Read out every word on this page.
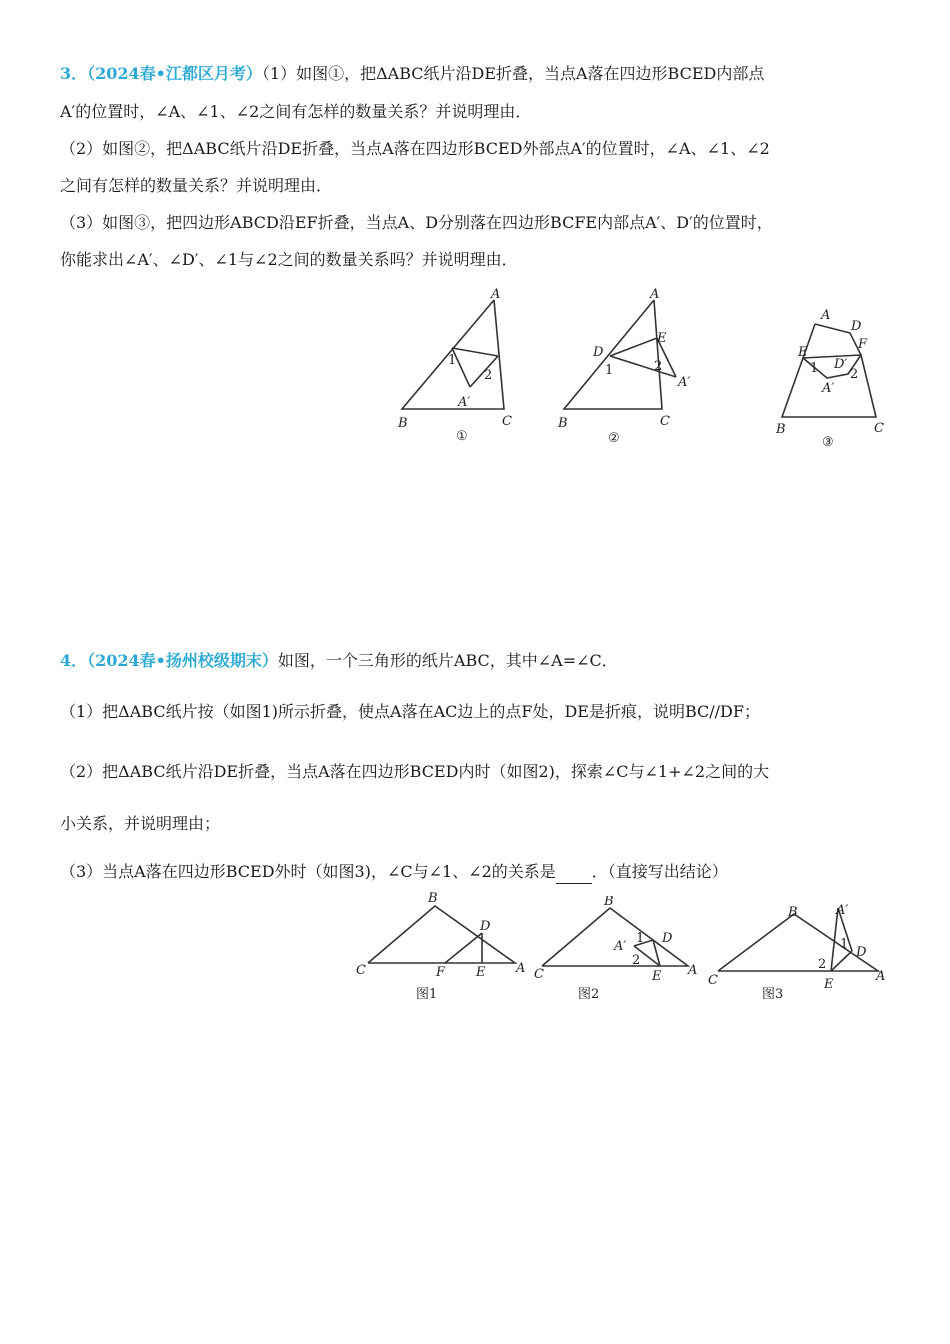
3．（2024春•江都区月考）（1）如图①，把ΔABC纸片沿DE折叠，当点A落在四边形BCED内部点
A′的位置时，∠A、∠1、∠2之间有怎样的数量关系？并说明理由．
（2）如图②，把ΔABC纸片沿DE折叠，当点A落在四边形BCED外部点A′的位置时，∠A、∠1、∠2
之间有怎样的数量关系？并说明理由．
（3）如图③，把四边形ABCD沿EF折叠，当点A、D分别落在四边形BCFE内部点A′、D′的位置时，
你能求出∠A′、∠D′、∠1与∠2之间的数量关系吗？并说明理由．
A
B	C
A′
1
2
①
A
B	C
D
E
A′
1	2
②
A
D
E
F
D′
A′
1 2
B	C
③
4．（2024春•扬州校级期末）如图，一个三角形的纸片ABC，其中∠A=∠C．
（1）把ΔABC纸片按（如图1)所示折叠，使点A落在AC边上的点F处，DE是折痕，说明BC//DF；
（2）把ΔABC纸片沿DE折叠，当点A落在四边形BCED内时（如图2)，探索∠C与∠1+∠2之间的大
小关系，并说明理由；
（3）当点A落在四边形BCED外时（如图3)，∠C与∠1、∠2的关系是 ．（直接写出结论）
B
C	A
D
E
F
图1
B
C	A
D
E
A′
1
2
图2
B
C	A
D
E
A′
1
2
图3
